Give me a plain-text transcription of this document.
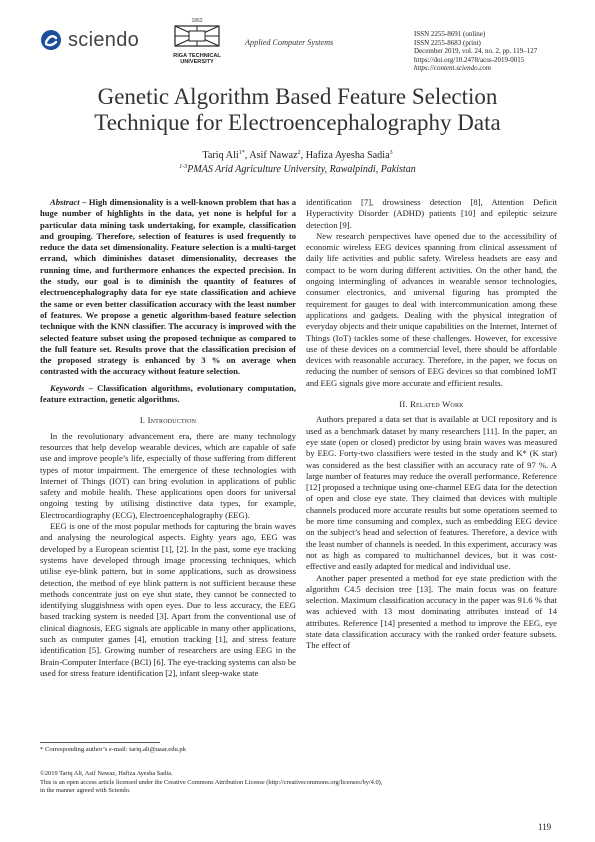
sciendo
1862
RIGA TECHNICAL
UNIVERSITY
Applied Computer Systems
ISSN 2255-8691 (online)
ISSN 2255-8683 (print)
December 2019, vol. 24, no. 2, pp. 119–127
https://doi.org/10.2478/acss-2019-0015
https://content.sciendo.com
Genetic Algorithm Based Feature Selection
Technique for Electroencephalography Data
Tariq Ali$^{1*}$, Asif Nawaz$^2$, Hafiza Ayesha Sadia$^3$
$^{1-3}$PMAS Arid Agriculture University, Rawalpindi, Pakistan

Abstract – High dimensionality is a well-known problem that has a huge number of highlights in the data, yet none is helpful for a particular data mining task undertaking, for example, classification and grouping. Therefore, selection of features is used frequently to reduce the data set dimensionality. Feature selection is a multi-target errand, which diminishes dataset dimensionality, decreases the running time, and furthermore enhances the expected precision. In the study, our goal is to diminish the quantity of features of electroencephalography data for eye state classification and achieve the same or even better classification accuracy with the least number of features. We propose a genetic algorithm-based feature selection technique with the KNN classifier. The accuracy is improved with the selected feature subset using the proposed technique as compared to the full feature set. Results prove that the classification precision of the proposed strategy is enhanced by 3 % on average when contrasted with the accuracy without feature selection.

Keywords – Classification algorithms, evolutionary computation, feature extraction, genetic algorithms.

I. Introduction

In the revolutionary advancement era, there are many technology resources that help develop wearable devices, which are capable of safe use and improve people’s life, especially of those suffering from different types of motor impairment. The emergence of these technologies with Internet of Things (IOT) can bring evolution in applications of public safety and mobile health. These applications open doors for universal ongoing testing by utilising distinctive data types, for example, Electrocardiography (ECG), Electroencephalography (EEG).

EEG is one of the most popular methods for capturing the brain waves and analysing the neurological aspects. Eighty years ago, EEG was developed by a European scientist [1], [2]. In the past, some eye tracking systems have developed through image processing techniques, which utilise eye-blink pattern, but in some applications, such as drowsiness detection, the method of eye blink pattern is not sufficient because these methods concentrate just on eye shut state, they cannot be connected to identifying sluggishness with open eyes. Due to less accuracy, the EEG based tracking system is needed [3]. Apart from the conventional use of clinical diagnosis, EEG signals are applicable in many other applications, such as computer games [4], emotion tracking [1], and stress feature identification [5]. Growing number of researchers are using EEG in the Brain-Computer Interface (BCI) [6]. The eye-tracking systems can also be used for stress feature identification [2], infant sleep-wake state

identification [7], drowsiness detection [8], Attention Deficit Hyperactivity Disorder (ADHD) patients [10] and epileptic seizure detection [9].

New research perspectives have opened due to the accessibility of economic wireless EEG devices spanning from clinical assessment of daily life activities and public safety. Wireless headsets are easy and compact to be worn during different activities. On the other hand, the ongoing intermingling of advances in wearable sensor technologies, consumer electronics, and universal figuring has prompted the requirement for gauges to deal with intercommunication among these applications and gadgets. Dealing with the physical integration of everyday objects and their unique capabilities on the Internet, Internet of Things (IoT) tackles some of these challenges. However, for excessive use of these devices on a commercial level, there should be affordable devices with reasonable accuracy. Therefore, in the paper, we focus on reducing the number of sensors of EEG devices so that combined IoMT and EEG signals give more accurate and efficient results.

II. Related Work

Authors prepared a data set that is available at UCI repository and is used as a benchmark dataset by many researchers [11]. In the paper, an eye state (open or closed) predictor by using brain waves was measured by EEG. Forty-two classifiers were tested in the study and K* (K star) was considered as the best classifier with an accuracy rate of 97 %. A large number of features may reduce the overall performance. Reference [12] proposed a technique using one-channel EEG data for the detection of open and close eye state. They claimed that devices with multiple channels produced more accurate results but some operations seemed to be more time consuming and complex, such as embedding EEG device on the subject’s head and selection of features. Therefore, a device with the least number of channels is needed. In this experiment, accuracy was not as high as compared to multichannel devices, but it was cost-effective and easily adapted for medical and individual use.

Another paper presented a method for eye state prediction with the algorithm C4.5 decision tree [13]. The main focus was on feature selection. Maximum classification accuracy in the paper was 91.6 % that was achieved with 13 most dominating attributes instead of 14 attributes. Reference [14] presented a method to improve the EEG, eye state data classification accuracy with the ranked order feature subsets. The effect of

* Corresponding author’s e-mail: tariq.ali@uaar.edu.pk
©2019 Tariq Ali, Asif Nawaz, Hafiza Ayesha Sadia.
This is an open access article licensed under the Creative Commons Attribution License (http://creativecommons.org/licenses/by/4.0),
in the manner agreed with Sciendo.
119
